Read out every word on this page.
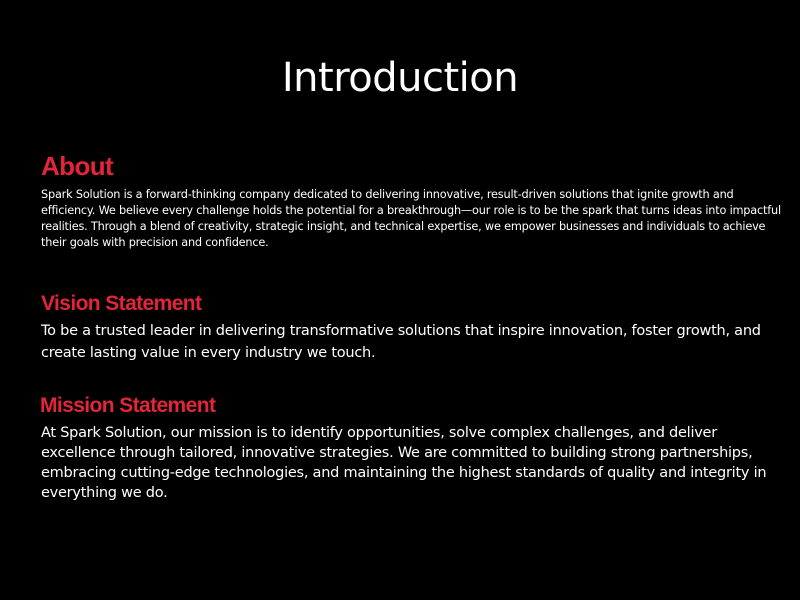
Introduction
About

Spark Solution is a forward-thinking company dedicated to delivering innovative, result-driven solutions that ignite growth and efficiency. We believe every challenge holds the potential for a breakthrough—our role is to be the spark that turns ideas into impactful realities. Through a blend of creativity, strategic insight, and technical expertise, we empower businesses and individuals to achieve their goals with precision and confidence.

Vision Statement

To be a trusted leader in delivering transformative solutions that inspire innovation, foster growth, and create lasting value in every industry we touch.

Mission Statement

At Spark Solution, our mission is to identify opportunities, solve complex challenges, and deliver excellence through tailored, innovative strategies. We are committed to building strong partnerships, embracing cutting-edge technologies, and maintaining the highest standards of quality and integrity in everything we do.
